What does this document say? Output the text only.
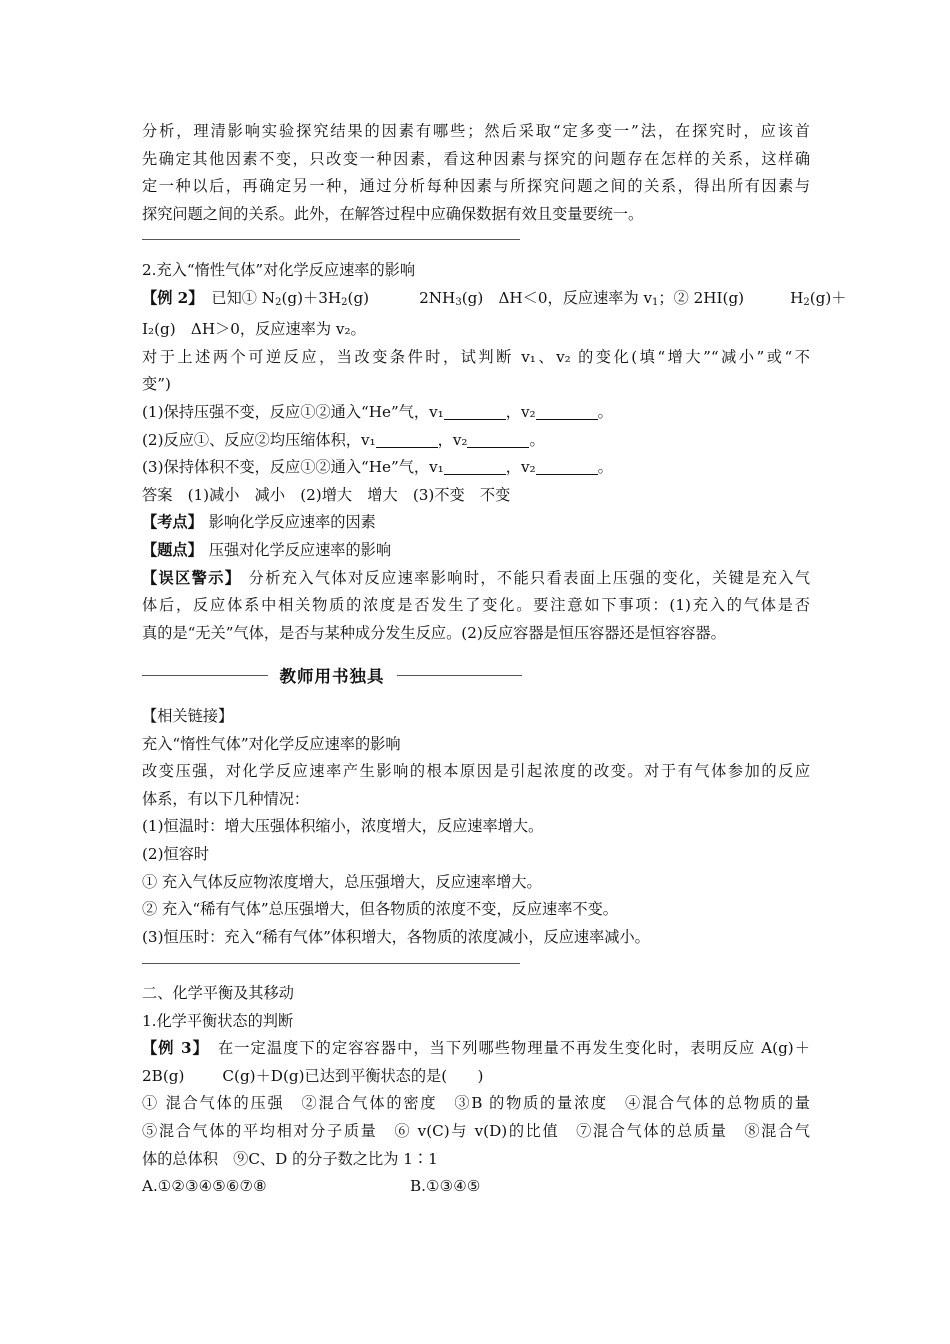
分析，理清影响实验探究结果的因素有哪些；然后采取“定多变一”法，在探究时，应该首
先确定其他因素不变，只改变一种因素，看这种因素与探究的问题存在怎样的关系，这样确
定一种以后，再确定另一种，通过分析每种因素与所探究问题之间的关系，得出所有因素与
探究问题之间的关系。此外，在解答过程中应确保数据有效且变量要统一。
2.充入“惰性气体”对化学反应速率的影响
【例 2】 已知① $N_2(g)+3H_2(g)$	$2NH_3(g)$　ΔH＜0，反应速率为 $v_1$；② 2HI(g)	$H_2(g)+$
I₂(g)　ΔH＞0，反应速率为 v₂。
对于上述两个可逆反应，当改变条件时，试判断 v₁、v₂ 的变化(填“增大”“减小”或“不
变”)
(1)保持压强不变，反应①②通入“He”气，v₁	，v₂	。
(2)反应①、反应②均压缩体积，v₁	，v₂	。
(3)保持体积不变，反应①②通入“He”气，v₁	，v₂	。
答案　(1)减小　减小　(2)增大　增大　(3)不变　不变
【考点】 影响化学反应速率的因素
【题点】 压强对化学反应速率的影响
【误区警示】 分析充入气体对反应速率影响时，不能只看表面上压强的变化，关键是充入气
体后，反应体系中相关物质的浓度是否发生了变化。要注意如下事项：(1)充入的气体是否
真的是“无关”气体，是否与某种成分发生反应。(2)反应容器是恒压容器还是恒容容器。
教师用书独具
【相关链接】
充入“惰性气体”对化学反应速率的影响
改变压强，对化学反应速率产生影响的根本原因是引起浓度的改变。对于有气体参加的反应
体系，有以下几种情况：
(1)恒温时：增大压强体积缩小，浓度增大，反应速率增大。
(2)恒容时
① 充入气体反应物浓度增大，总压强增大，反应速率增大。
② 充入“稀有气体”总压强增大，但各物质的浓度不变，反应速率不变。
(3)恒压时：充入“稀有气体”体积增大，各物质的浓度减小，反应速率减小。
二、化学平衡及其移动
1.化学平衡状态的判断
【例 3】 在一定温度下的定容容器中，当下列哪些物理量不再发生变化时，表明反应 A(g)＋
2B(g)	C(g)＋D(g)已达到平衡状态的是(　　)
① 混合气体的压强　②混合气体的密度　③B 的物质的量浓度　④混合气体的总物质的量
⑤混合气体的平均相对分子质量　⑥ v(C)与 v(D)的比值　⑦混合气体的总质量　⑧混合气
体的总体积　⑨C、D 的分子数之比为 1∶1
A.①②③④⑤⑥⑦⑧	B.①③④⑤
